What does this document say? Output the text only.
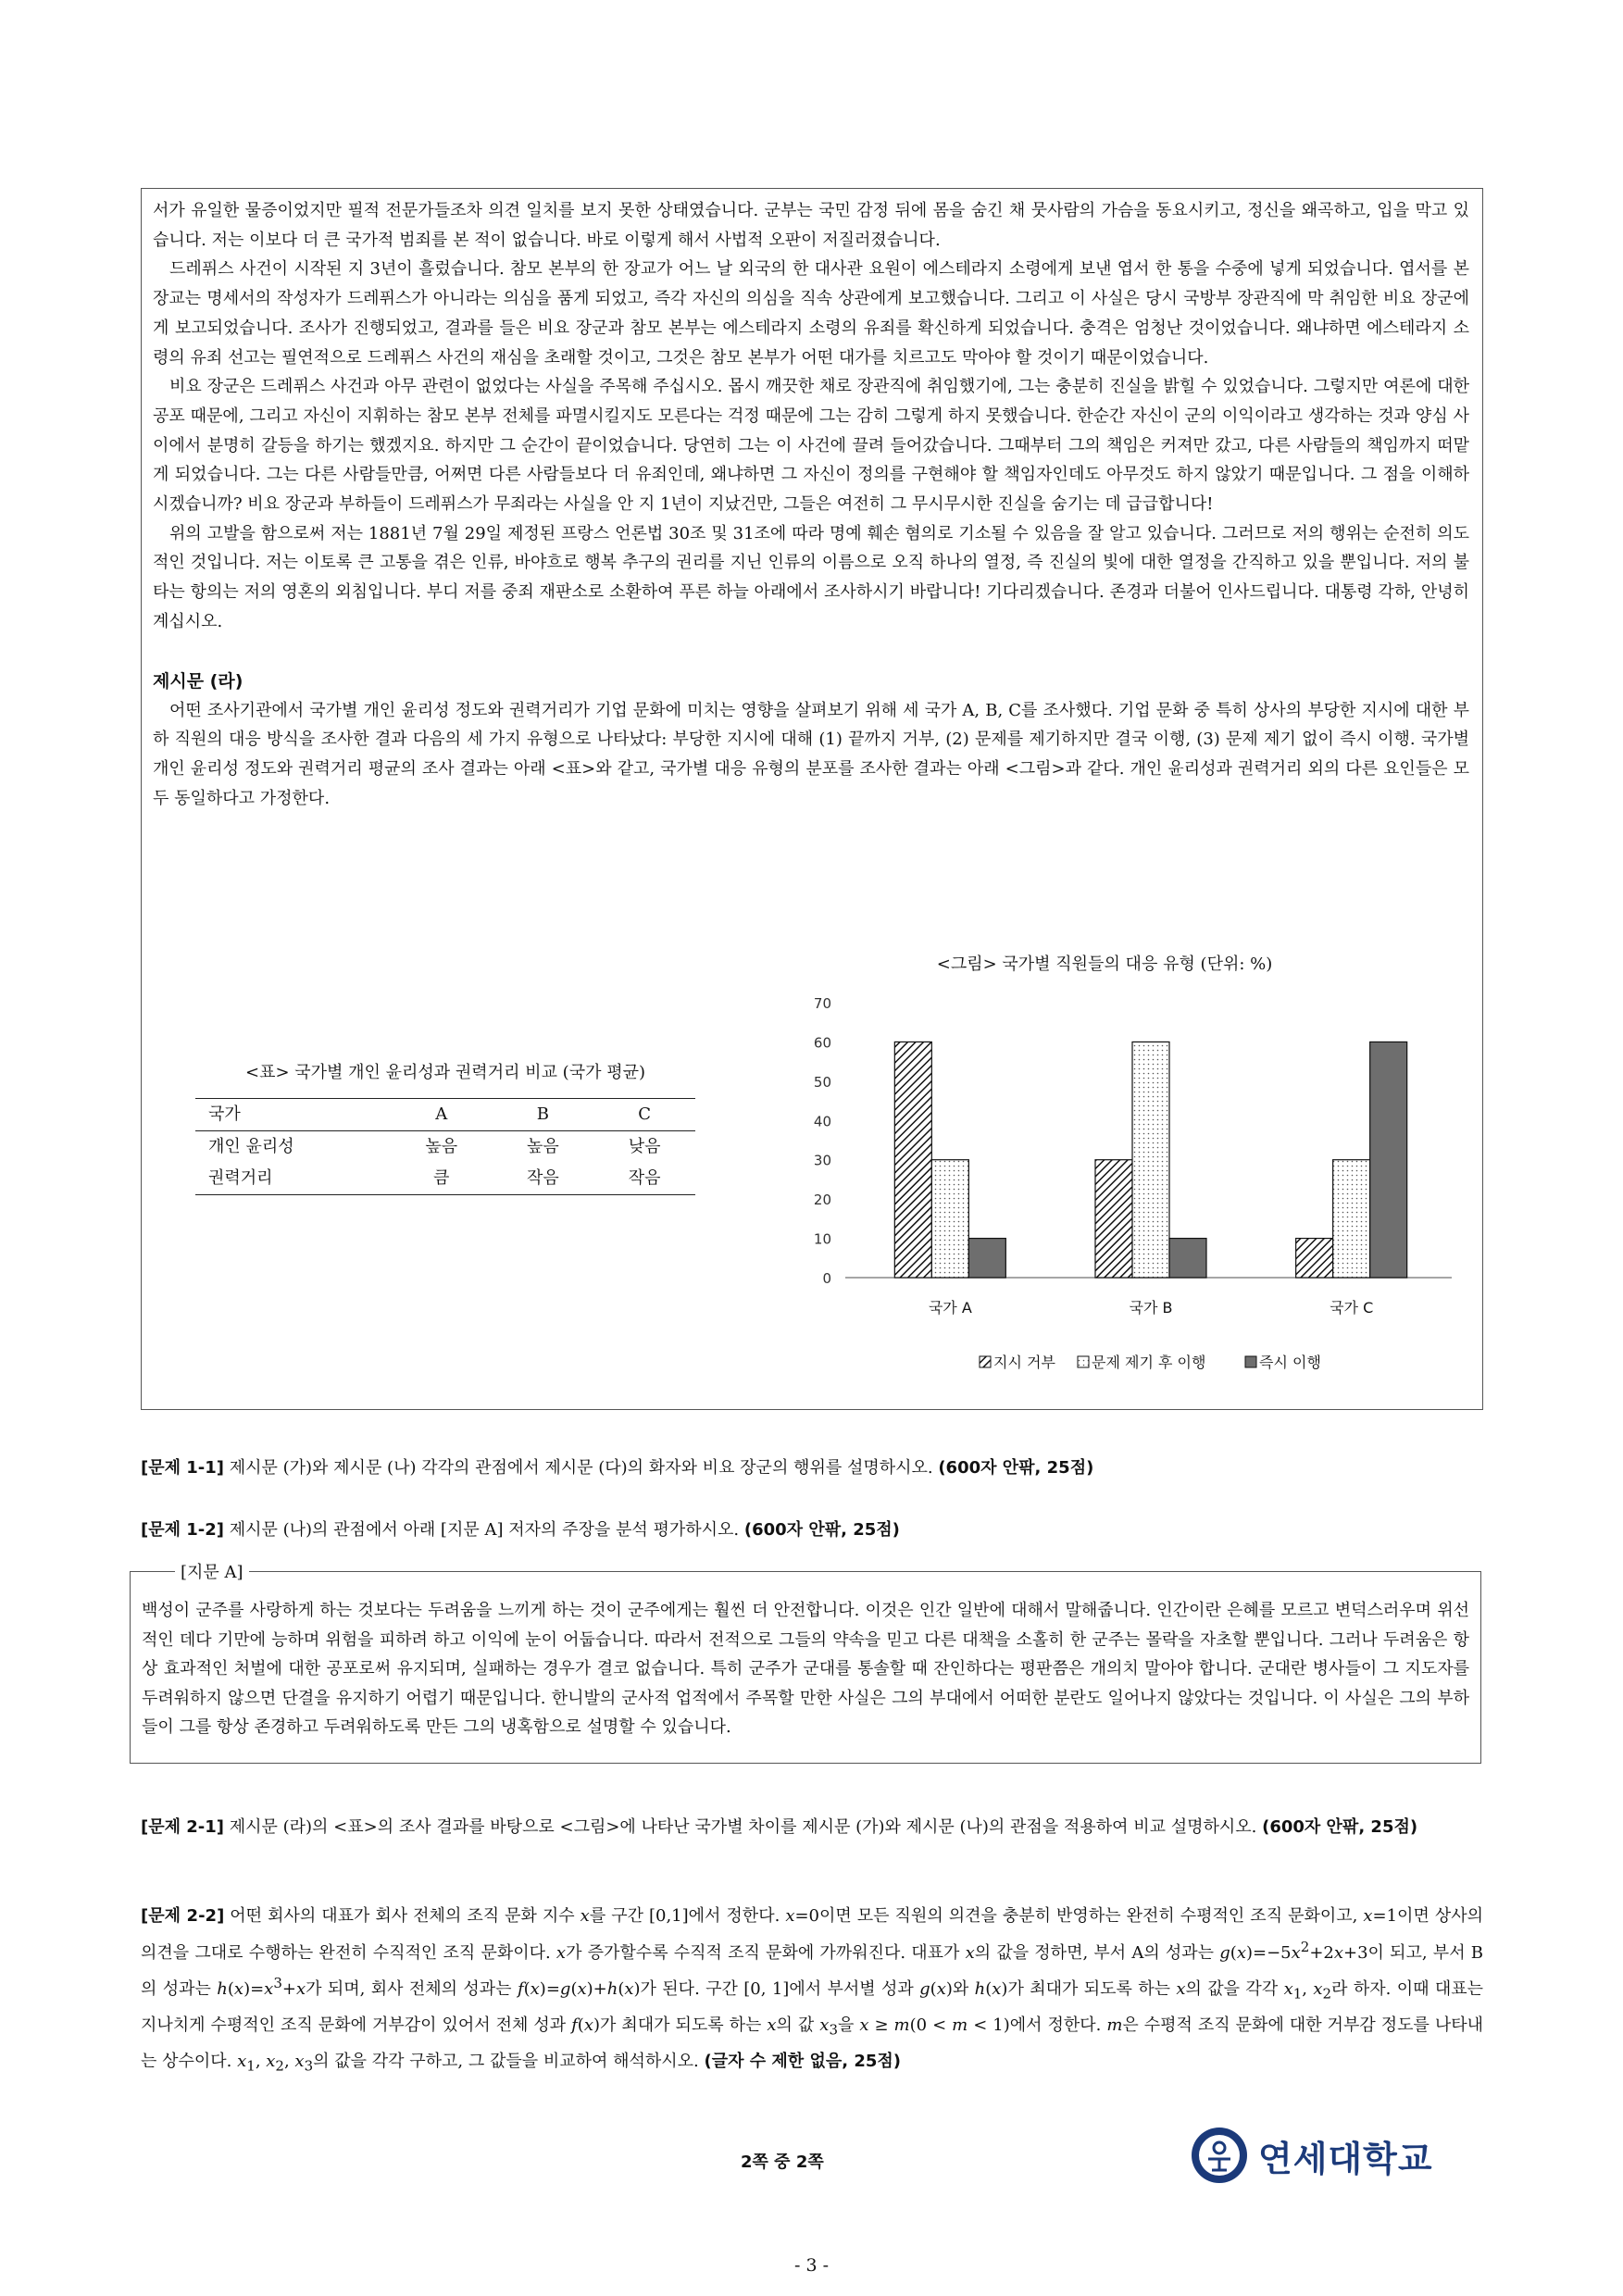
서가 유일한 물증이었지만 필적 전문가들조차 의견 일치를 보지 못한 상태였습니다. 군부는 국민 감정 뒤에 몸을 숨긴 채 뭇사람의 가슴을 동요시키고, 정신을 왜곡하고, 입을 막고 있습니다. 저는 이보다 더 큰 국가적 범죄를 본 적이 없습니다. 바로 이렇게 해서 사법적 오판이 저질러졌습니다.

드레퓌스 사건이 시작된 지 3년이 흘렀습니다. 참모 본부의 한 장교가 어느 날 외국의 한 대사관 요원이 에스테라지 소령에게 보낸 엽서 한 통을 수중에 넣게 되었습니다. 엽서를 본 장교는 명세서의 작성자가 드레퓌스가 아니라는 의심을 품게 되었고, 즉각 자신의 의심을 직속 상관에게 보고했습니다. 그리고 이 사실은 당시 국방부 장관직에 막 취임한 비요 장군에게 보고되었습니다. 조사가 진행되었고, 결과를 들은 비요 장군과 참모 본부는 에스테라지 소령의 유죄를 확신하게 되었습니다. 충격은 엄청난 것이었습니다. 왜냐하면 에스테라지 소령의 유죄 선고는 필연적으로 드레퓌스 사건의 재심을 초래할 것이고, 그것은 참모 본부가 어떤 대가를 치르고도 막아야 할 것이기 때문이었습니다.

비요 장군은 드레퓌스 사건과 아무 관련이 없었다는 사실을 주목해 주십시오. 몹시 깨끗한 채로 장관직에 취임했기에, 그는 충분히 진실을 밝힐 수 있었습니다. 그렇지만 여론에 대한 공포 때문에, 그리고 자신이 지휘하는 참모 본부 전체를 파멸시킬지도 모른다는 걱정 때문에 그는 감히 그렇게 하지 못했습니다. 한순간 자신이 군의 이익이라고 생각하는 것과 양심 사이에서 분명히 갈등을 하기는 했겠지요. 하지만 그 순간이 끝이었습니다. 당연히 그는 이 사건에 끌려 들어갔습니다. 그때부터 그의 책임은 커져만 갔고, 다른 사람들의 책임까지 떠맡게 되었습니다. 그는 다른 사람들만큼, 어쩌면 다른 사람들보다 더 유죄인데, 왜냐하면 그 자신이 정의를 구현해야 할 책임자인데도 아무것도 하지 않았기 때문입니다. 그 점을 이해하시겠습니까? 비요 장군과 부하들이 드레퓌스가 무죄라는 사실을 안 지 1년이 지났건만, 그들은 여전히 그 무시무시한 진실을 숨기는 데 급급합니다!

위의 고발을 함으로써 저는 1881년 7월 29일 제정된 프랑스 언론법 30조 및 31조에 따라 명예 훼손 혐의로 기소될 수 있음을 잘 알고 있습니다. 그러므로 저의 행위는 순전히 의도적인 것입니다. 저는 이토록 큰 고통을 겪은 인류, 바야흐로 행복 추구의 권리를 지닌 인류의 이름으로 오직 하나의 열정, 즉 진실의 빛에 대한 열정을 간직하고 있을 뿐입니다. 저의 불타는 항의는 저의 영혼의 외침입니다. 부디 저를 중죄 재판소로 소환하여 푸른 하늘 아래에서 조사하시기 바랍니다! 기다리겠습니다. 존경과 더불어 인사드립니다. 대통령 각하, 안녕히 계십시오.

제시문 (라)

어떤 조사기관에서 국가별 개인 윤리성 정도와 권력거리가 기업 문화에 미치는 영향을 살펴보기 위해 세 국가 A, B, C를 조사했다. 기업 문화 중 특히 상사의 부당한 지시에 대한 부하 직원의 대응 방식을 조사한 결과 다음의 세 가지 유형으로 나타났다: 부당한 지시에 대해 (1) 끝까지 거부, (2) 문제를 제기하지만 결국 이행, (3) 문제 제기 없이 즉시 이행. 국가별 개인 윤리성 정도와 권력거리 평균의 조사 결과는 아래 <표>와 같고, 국가별 대응 유형의 분포를 조사한 결과는 아래 <그림>과 같다. 개인 윤리성과 권력거리 외의 다른 요인들은 모두 동일하다고 가정한다.

<표> 국가별 개인 윤리성과 권력거리 비교 (국가 평균)
국가	A	B	C
개인 윤리성	높음	높음	낮음
권력거리	큼	작음	작음
<그림> 국가별 직원들의 대응 유형 (단위: %)
0
10
20
30
40
50
60
70
국가 A	국가 B	국가 C
지시 거부 문제 제기 후 이행	즉시 이행
[문제 1-1] 제시문 (가)와 제시문 (나) 각각의 관점에서 제시문 (다)의 화자와 비요 장군의 행위를 설명하시오. (600자 안팎, 25점)
[문제 1-2] 제시문 (나)의 관점에서 아래 [지문 A] 저자의 주장을 분석 평가하시오. (600자 안팎, 25점)
[지문 A]

백성이 군주를 사랑하게 하는 것보다는 두려움을 느끼게 하는 것이 군주에게는 훨씬 더 안전합니다. 이것은 인간 일반에 대해서 말해줍니다. 인간이란 은혜를 모르고 변덕스러우며 위선적인 데다 기만에 능하며 위험을 피하려 하고 이익에 눈이 어둡습니다. 따라서 전적으로 그들의 약속을 믿고 다른 대책을 소홀히 한 군주는 몰락을 자초할 뿐입니다. 그러나 두려움은 항상 효과적인 처벌에 대한 공포로써 유지되며, 실패하는 경우가 결코 없습니다. 특히 군주가 군대를 통솔할 때 잔인하다는 평판쯤은 개의치 말아야 합니다. 군대란 병사들이 그 지도자를 두려워하지 않으면 단결을 유지하기 어렵기 때문입니다. 한니발의 군사적 업적에서 주목할 만한 사실은 그의 부대에서 어떠한 분란도 일어나지 않았다는 것입니다. 이 사실은 그의 부하들이 그를 항상 존경하고 두려워하도록 만든 그의 냉혹함으로 설명할 수 있습니다.

[문제 2-1] 제시문 (라)의 <표>의 조사 결과를 바탕으로 <그림>에 나타난 국가별 차이를 제시문 (가)와 제시문 (나)의 관점을 적용하여 비교 설명하시오. (600자 안팎, 25점)
[문제 2-2] 어떤 회사의 대표가 회사 전체의 조직 문화 지수 x를 구간 [0,1]에서 정한다. x=0이면 모든 직원의 의견을 충분히 반영하는 완전히 수평적인 조직 문화이고, x=1이면 상사의 의견을 그대로 수행하는 완전히 수직적인 조직 문화이다. x가 증가할수록 수직적 조직 문화에 가까워진다. 대표가 x의 값을 정하면, 부서 A의 성과는 $g(x)=-5x^2+2x+3$이 되고, 부서 B의 성과는 $h(x)=x^3+x$가 되며, 회사 전체의 성과는 f(x)=g(x)+h(x)가 된다. 구간 [0, 1]에서 부서별 성과 g(x)와 h(x)가 최대가 되도록 하는 x의 값을 각각 $x_1$, $x_2$라 하자. 이때 대표는 지나치게 수평적인 조직 문화에 거부감이 있어서 전체 성과 f(x)가 최대가 되도록 하는 x의 값 $x_3$을 x ≥ m(0 < m < 1)에서 정한다. m은 수평적 조직 문화에 대한 거부감 정도를 나타내는 상수이다. $x_1$, $x_2$, $x_3$의 값을 각각 구하고, 그 값들을 비교하여 해석하시오. (글자 수 제한 없음, 25점)
2쪽 중 2쪽	연세대학교
- 3 -
